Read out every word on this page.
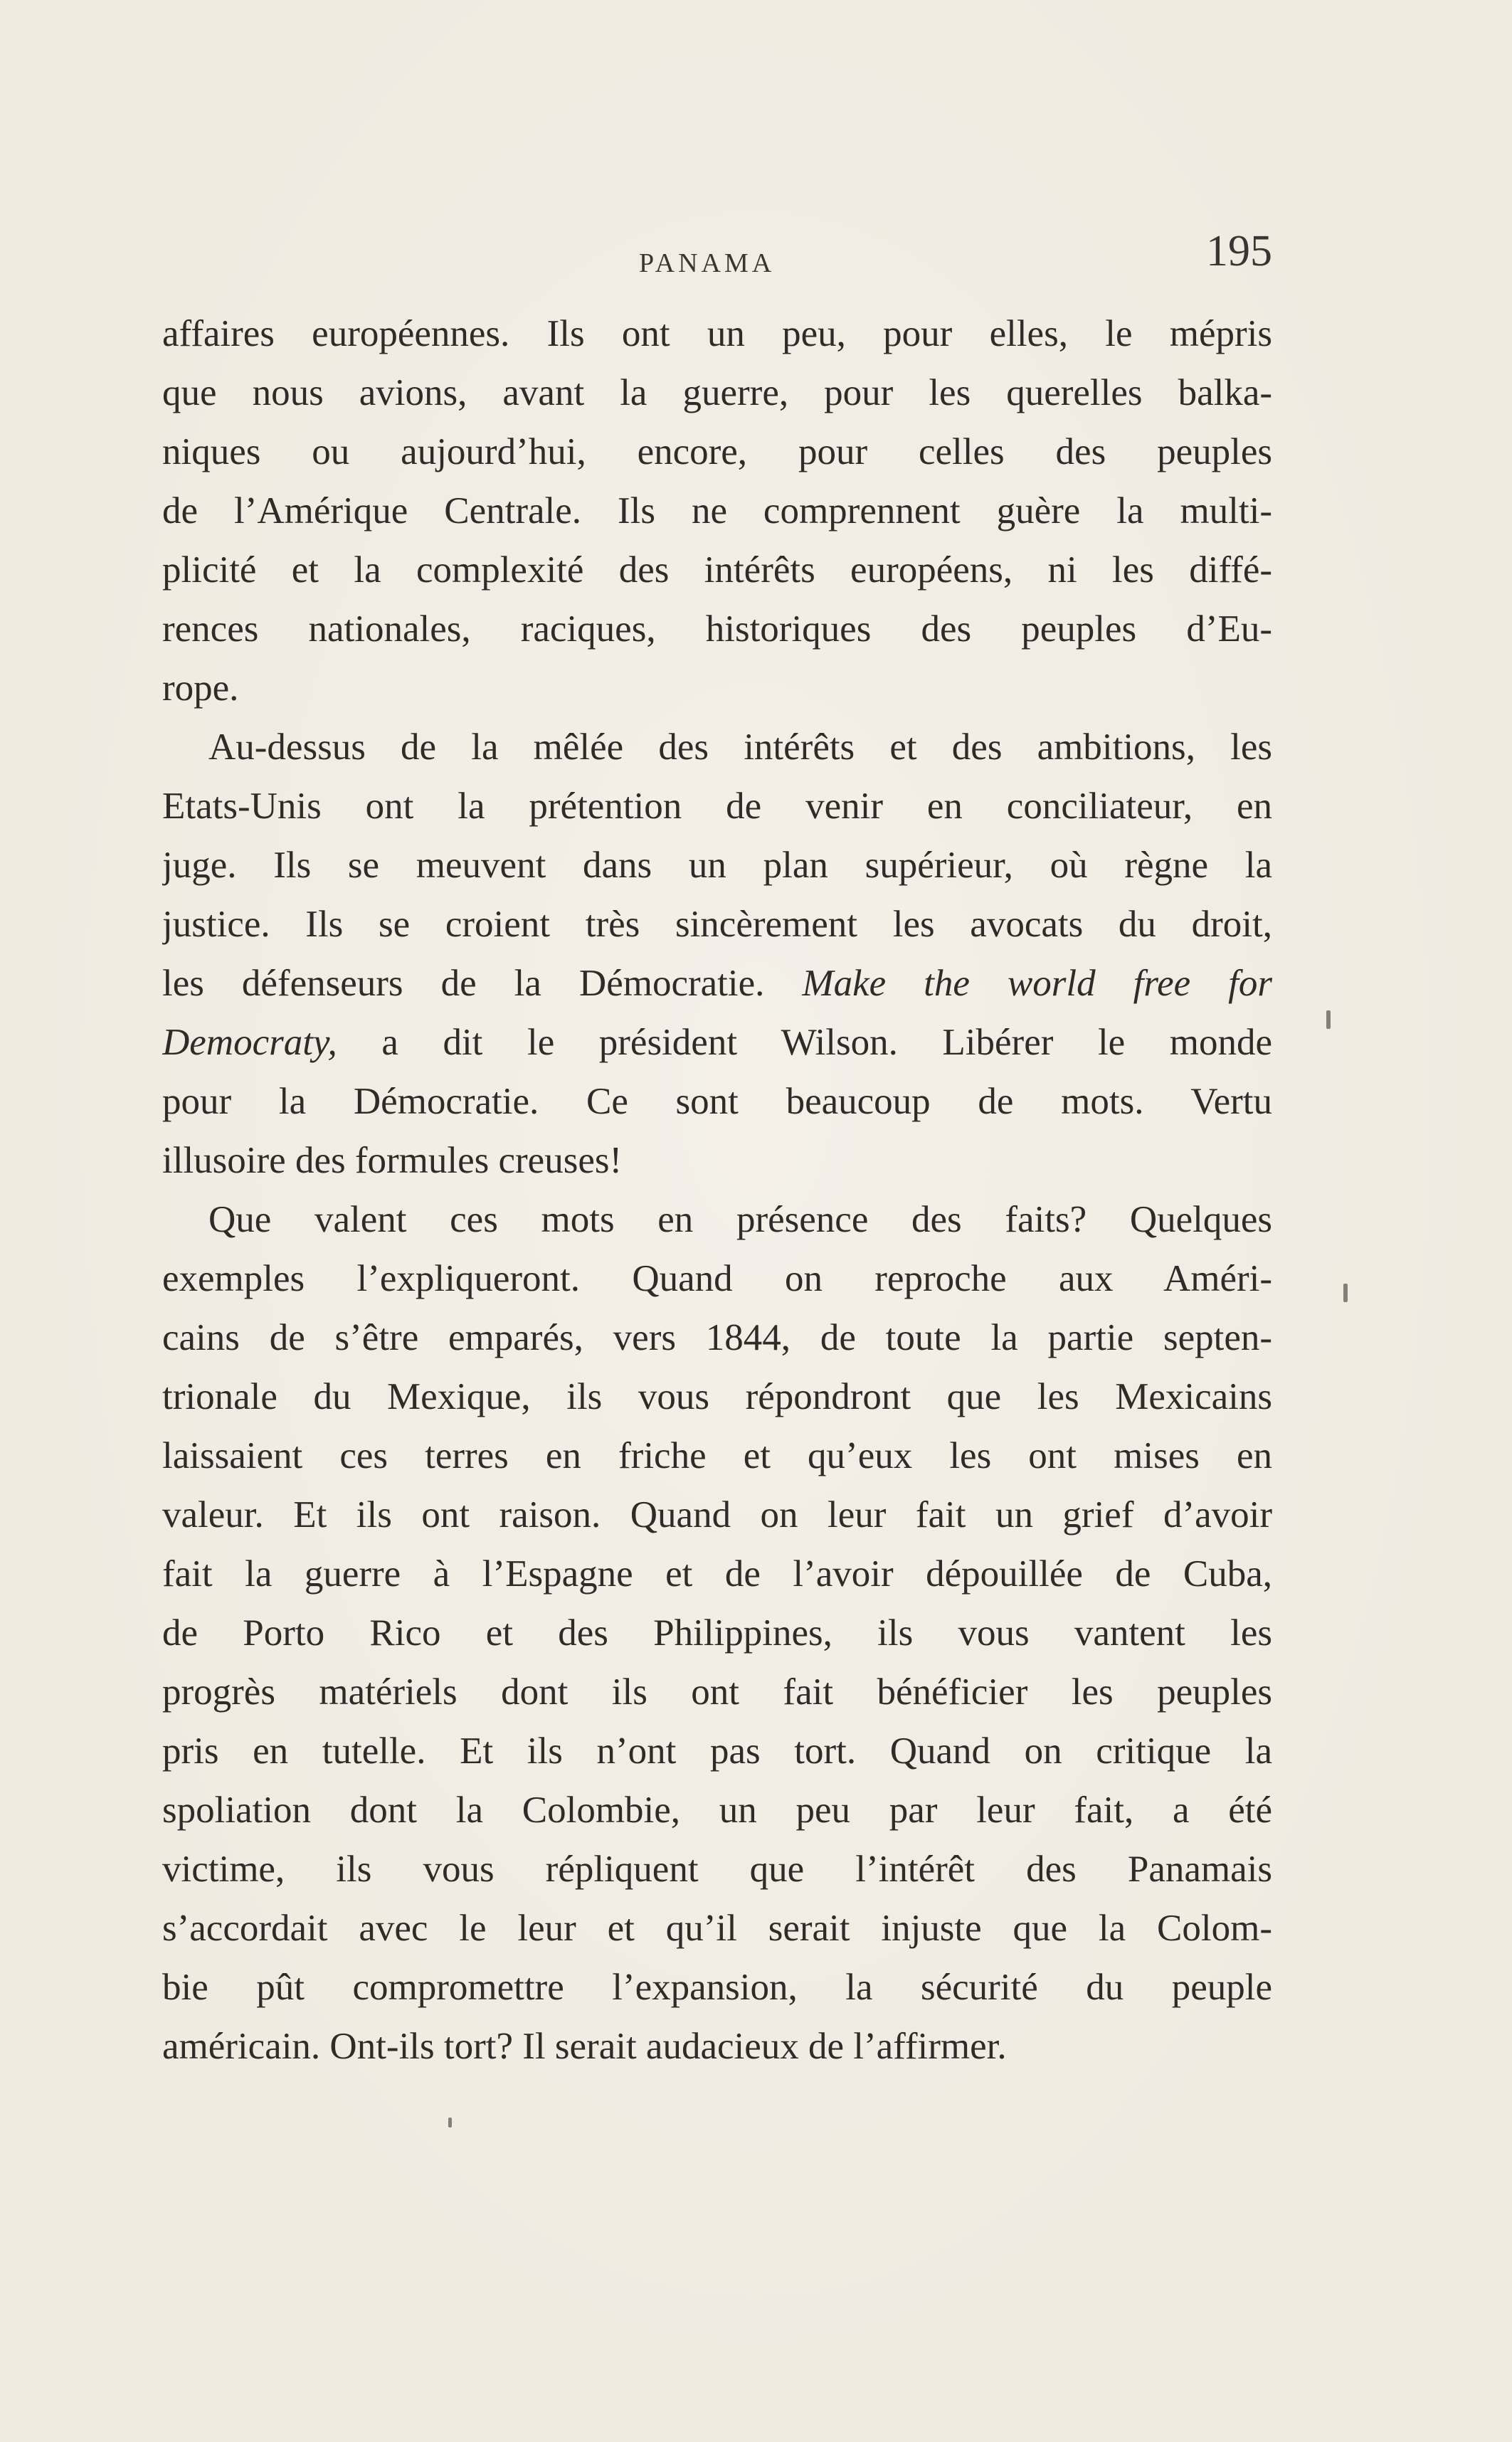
PANAMA	195
affaires européennes. Ils ont un peu, pour elles, le mépris
que nous avions, avant la guerre, pour les querelles balka-
niques ou aujourd’hui, encore, pour celles des peuples
de l’Amérique Centrale. Ils ne comprennent guère la multi-
plicité et la complexité des intérêts européens, ni les diffé-
rences nationales, raciques, historiques des peuples d’Eu-
rope.
Au-dessus de la mêlée des intérêts et des ambitions, les
Etats-Unis ont la prétention de venir en conciliateur, en
juge. Ils se meuvent dans un plan supérieur, où règne la
justice. Ils se croient très sincèrement les avocats du droit,
les défenseurs de la Démocratie. Make the world free for
Democraty, a dit le président Wilson. Libérer le monde
pour la Démocratie. Ce sont beaucoup de mots. Vertu
illusoire des formules creuses!
Que valent ces mots en présence des faits? Quelques
exemples l’expliqueront. Quand on reproche aux Améri-
cains de s’être emparés, vers 1844, de toute la partie septen-
trionale du Mexique, ils vous répondront que les Mexicains
laissaient ces terres en friche et qu’eux les ont mises en
valeur. Et ils ont raison. Quand on leur fait un grief d’avoir
fait la guerre à l’Espagne et de l’avoir dépouillée de Cuba,
de Porto Rico et des Philippines, ils vous vantent les
progrès matériels dont ils ont fait bénéficier les peuples
pris en tutelle. Et ils n’ont pas tort. Quand on critique la
spoliation dont la Colombie, un peu par leur fait, a été
victime, ils vous répliquent que l’intérêt des Panamais
s’accordait avec le leur et qu’il serait injuste que la Colom-
bie pût compromettre l’expansion, la sécurité du peuple
américain. Ont-ils tort? Il serait audacieux de l’affirmer.
